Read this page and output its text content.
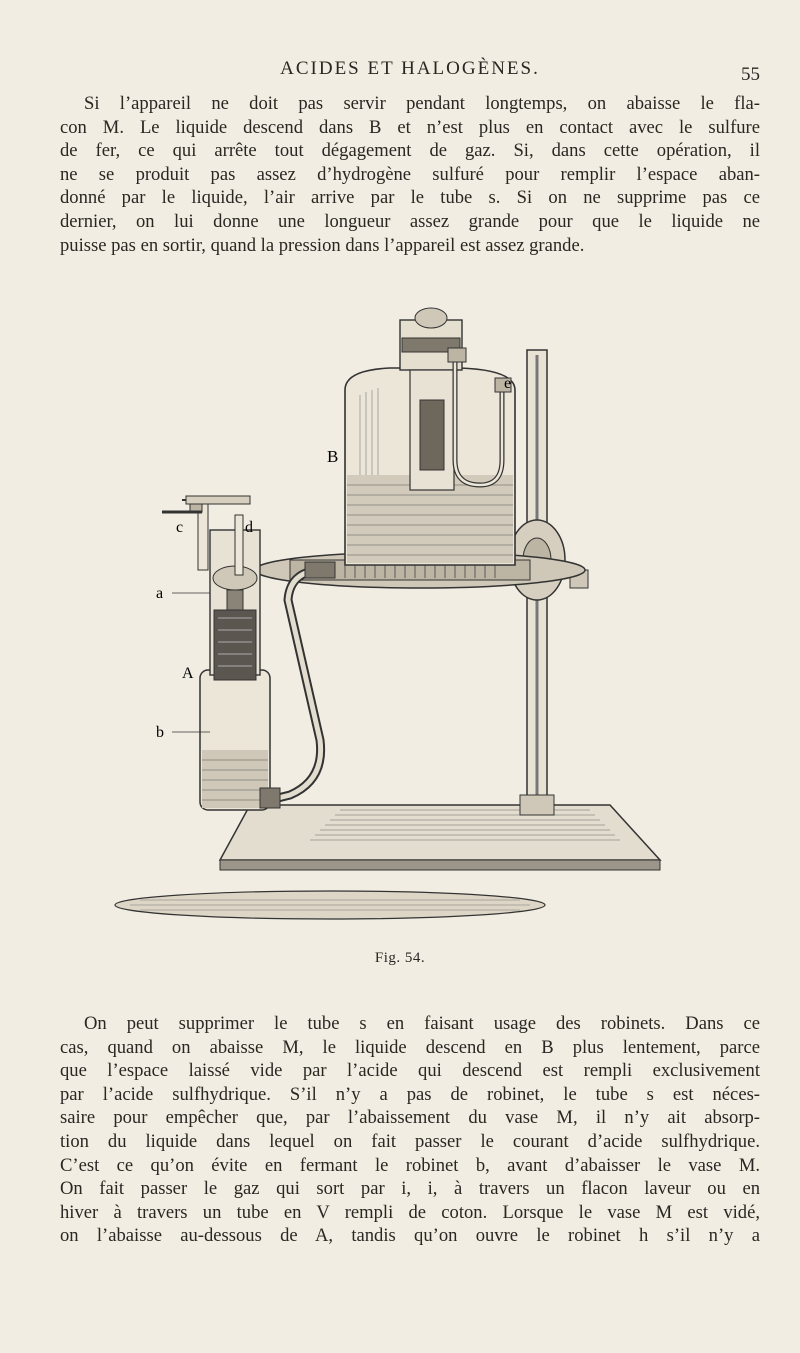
ACIDES ET HALOGÈNES.	55
Si l’appareil ne doit pas servir pendant longtemps, on abaisse le fla-
con M. Le liquide descend dans B et n’est plus en contact avec le sulfure
de fer, ce qui arrête tout dégagement de gaz. Si, dans cette opération, il
ne se produit pas assez d’hydrogène sulfuré pour remplir l’espace aban-
donné par le liquide, l’air arrive par le tube s. Si on ne supprime pas ce
dernier, on lui donne une longueur assez grande pour que le liquide ne
puisse pas en sortir, quand la pression dans l’appareil est assez grande.
B
e
c	d
a
A
b
Fig. 54.
On peut supprimer le tube s en faisant usage des robinets. Dans ce
cas, quand on abaisse M, le liquide descend en B plus lentement, parce
que l’espace laissé vide par l’acide qui descend est rempli exclusivement
par l’acide sulfhydrique. S’il n’y a pas de robinet, le tube s est néces-
saire pour empêcher que, par l’abaissement du vase M, il n’y ait absorp-
tion du liquide dans lequel on fait passer le courant d’acide sulfhydrique.
C’est ce qu’on évite en fermant le robinet b, avant d’abaisser le vase M.
On fait passer le gaz qui sort par i, i, à travers un flacon laveur ou en
hiver à travers un tube en V rempli de coton. Lorsque le vase M est vidé,
on l’abaisse au-dessous de A, tandis qu’on ouvre le robinet h s’il n’y a
